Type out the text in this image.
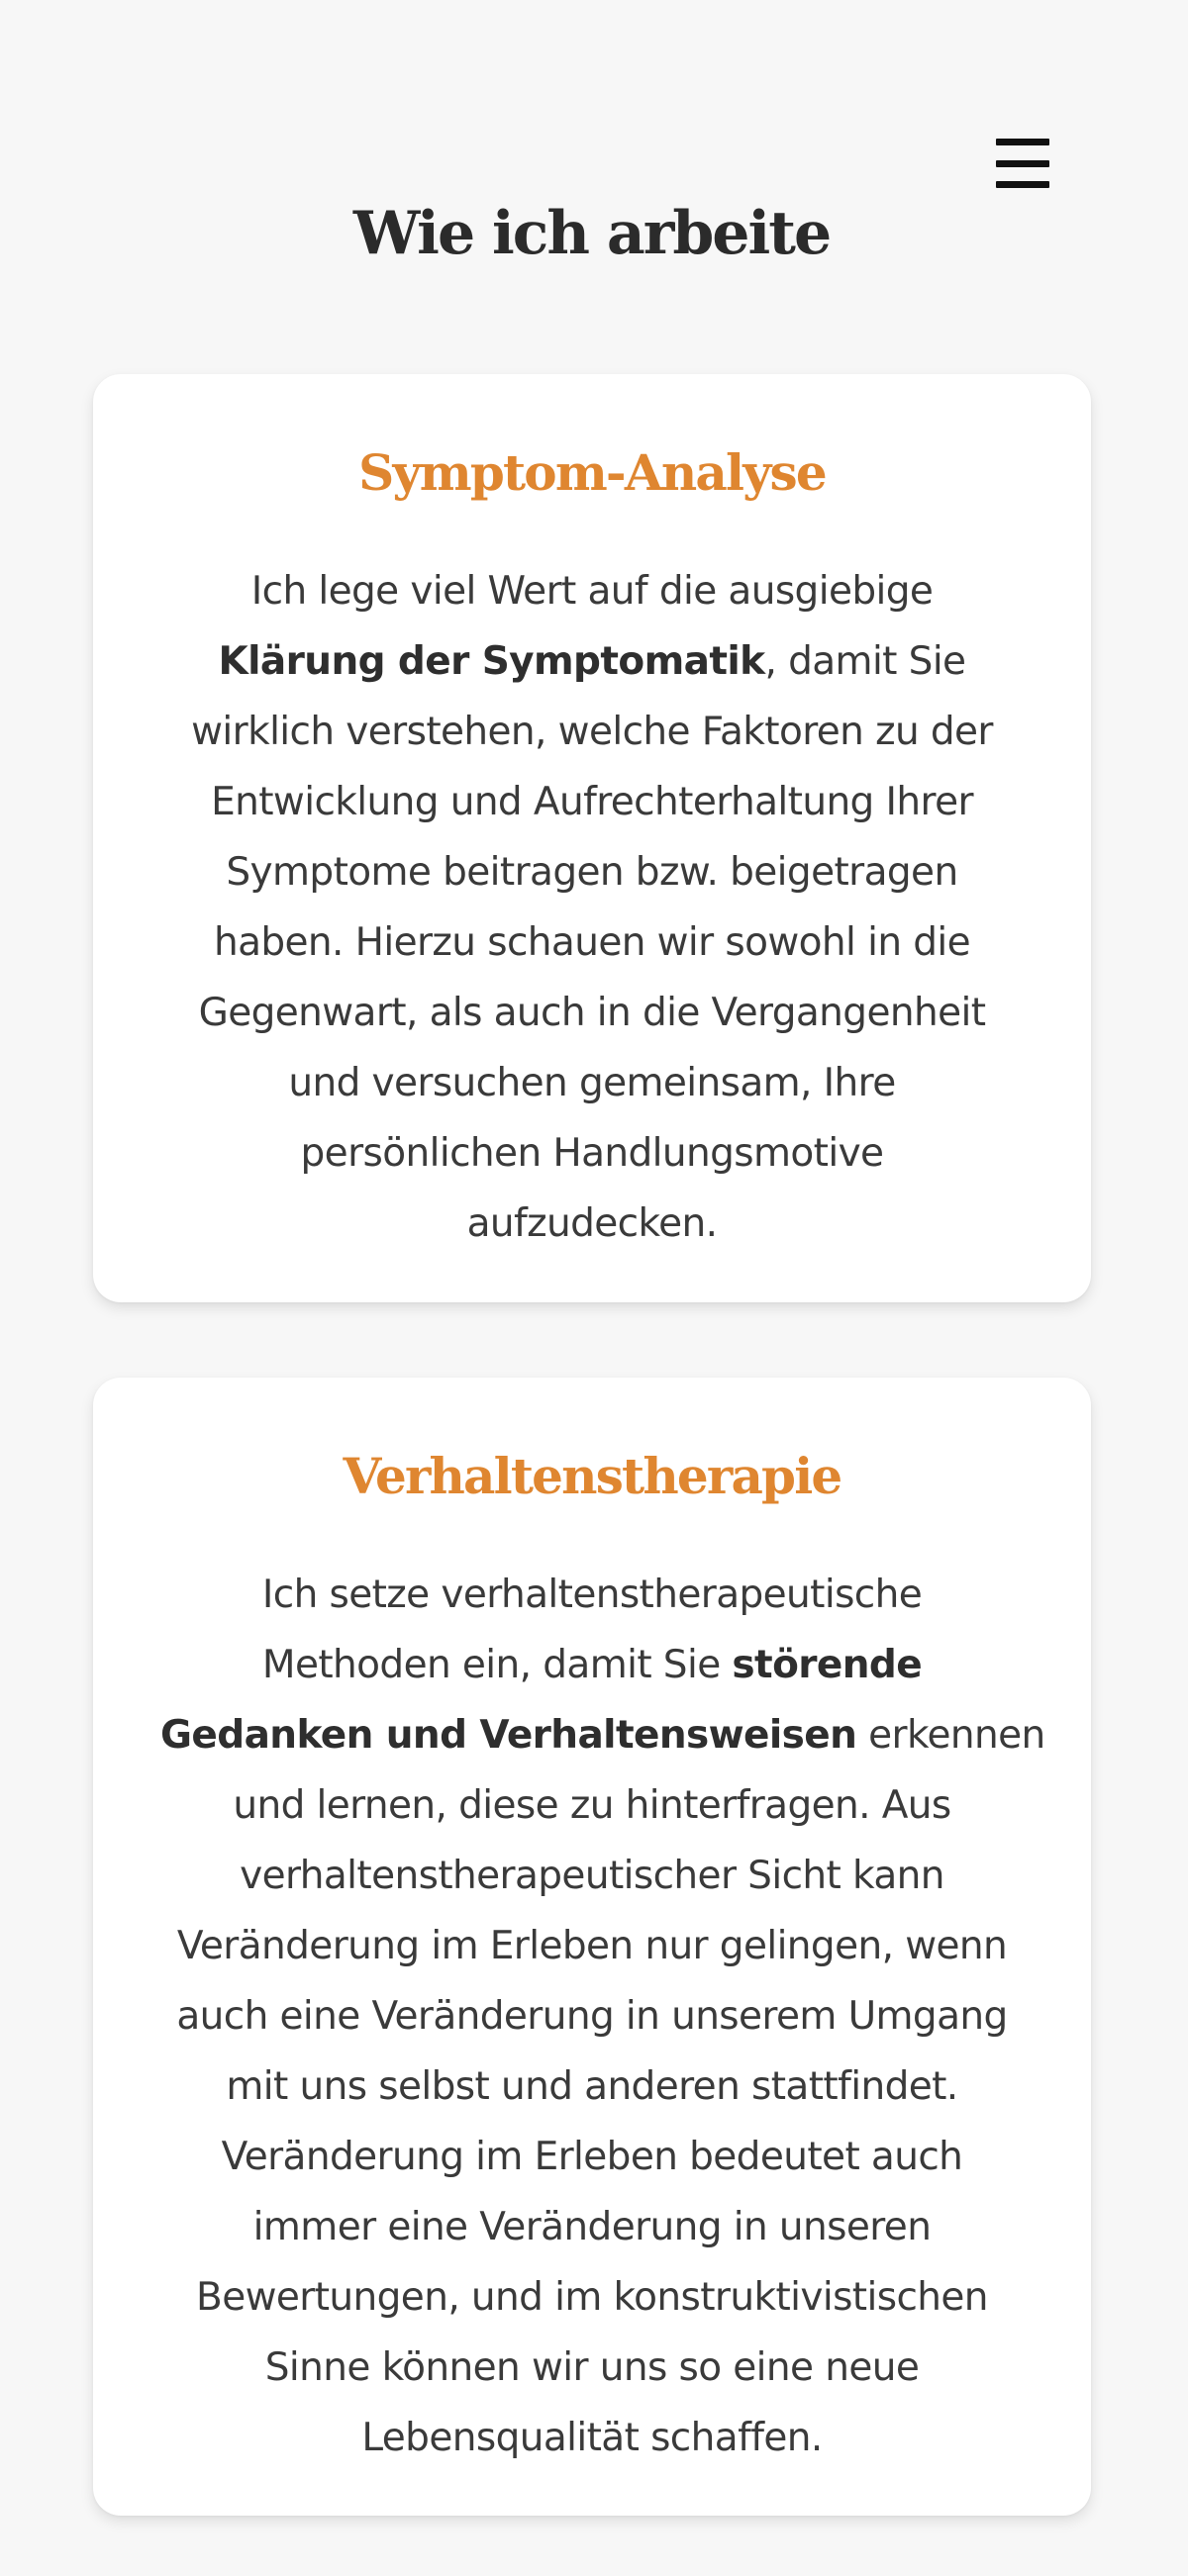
Wie ich arbeite
Symptom-Analyse

Ich lege viel Wert auf die ausgiebige
Klärung der Symptomatik, damit Sie
wirklich verstehen, welche Faktoren zu der
Entwicklung und Aufrechterhaltung Ihrer
Symptome beitragen bzw. beigetragen
haben. Hierzu schauen wir sowohl in die
Gegenwart, als auch in die Vergangenheit
und versuchen gemeinsam, Ihre
persönlichen Handlungsmotive
aufzudecken.

Verhaltenstherapie

Ich setze verhaltenstherapeutische
Methoden ein, damit Sie störende
Gedanken und Verhaltensweisen erkennen
und lernen, diese zu hinterfragen. Aus
verhaltenstherapeutischer Sicht kann
Veränderung im Erleben nur gelingen, wenn
auch eine Veränderung in unserem Umgang
mit uns selbst und anderen stattfindet.
Veränderung im Erleben bedeutet auch
immer eine Veränderung in unseren
Bewertungen, und im konstruktivistischen
Sinne können wir uns so eine neue
Lebensqualität schaffen.
